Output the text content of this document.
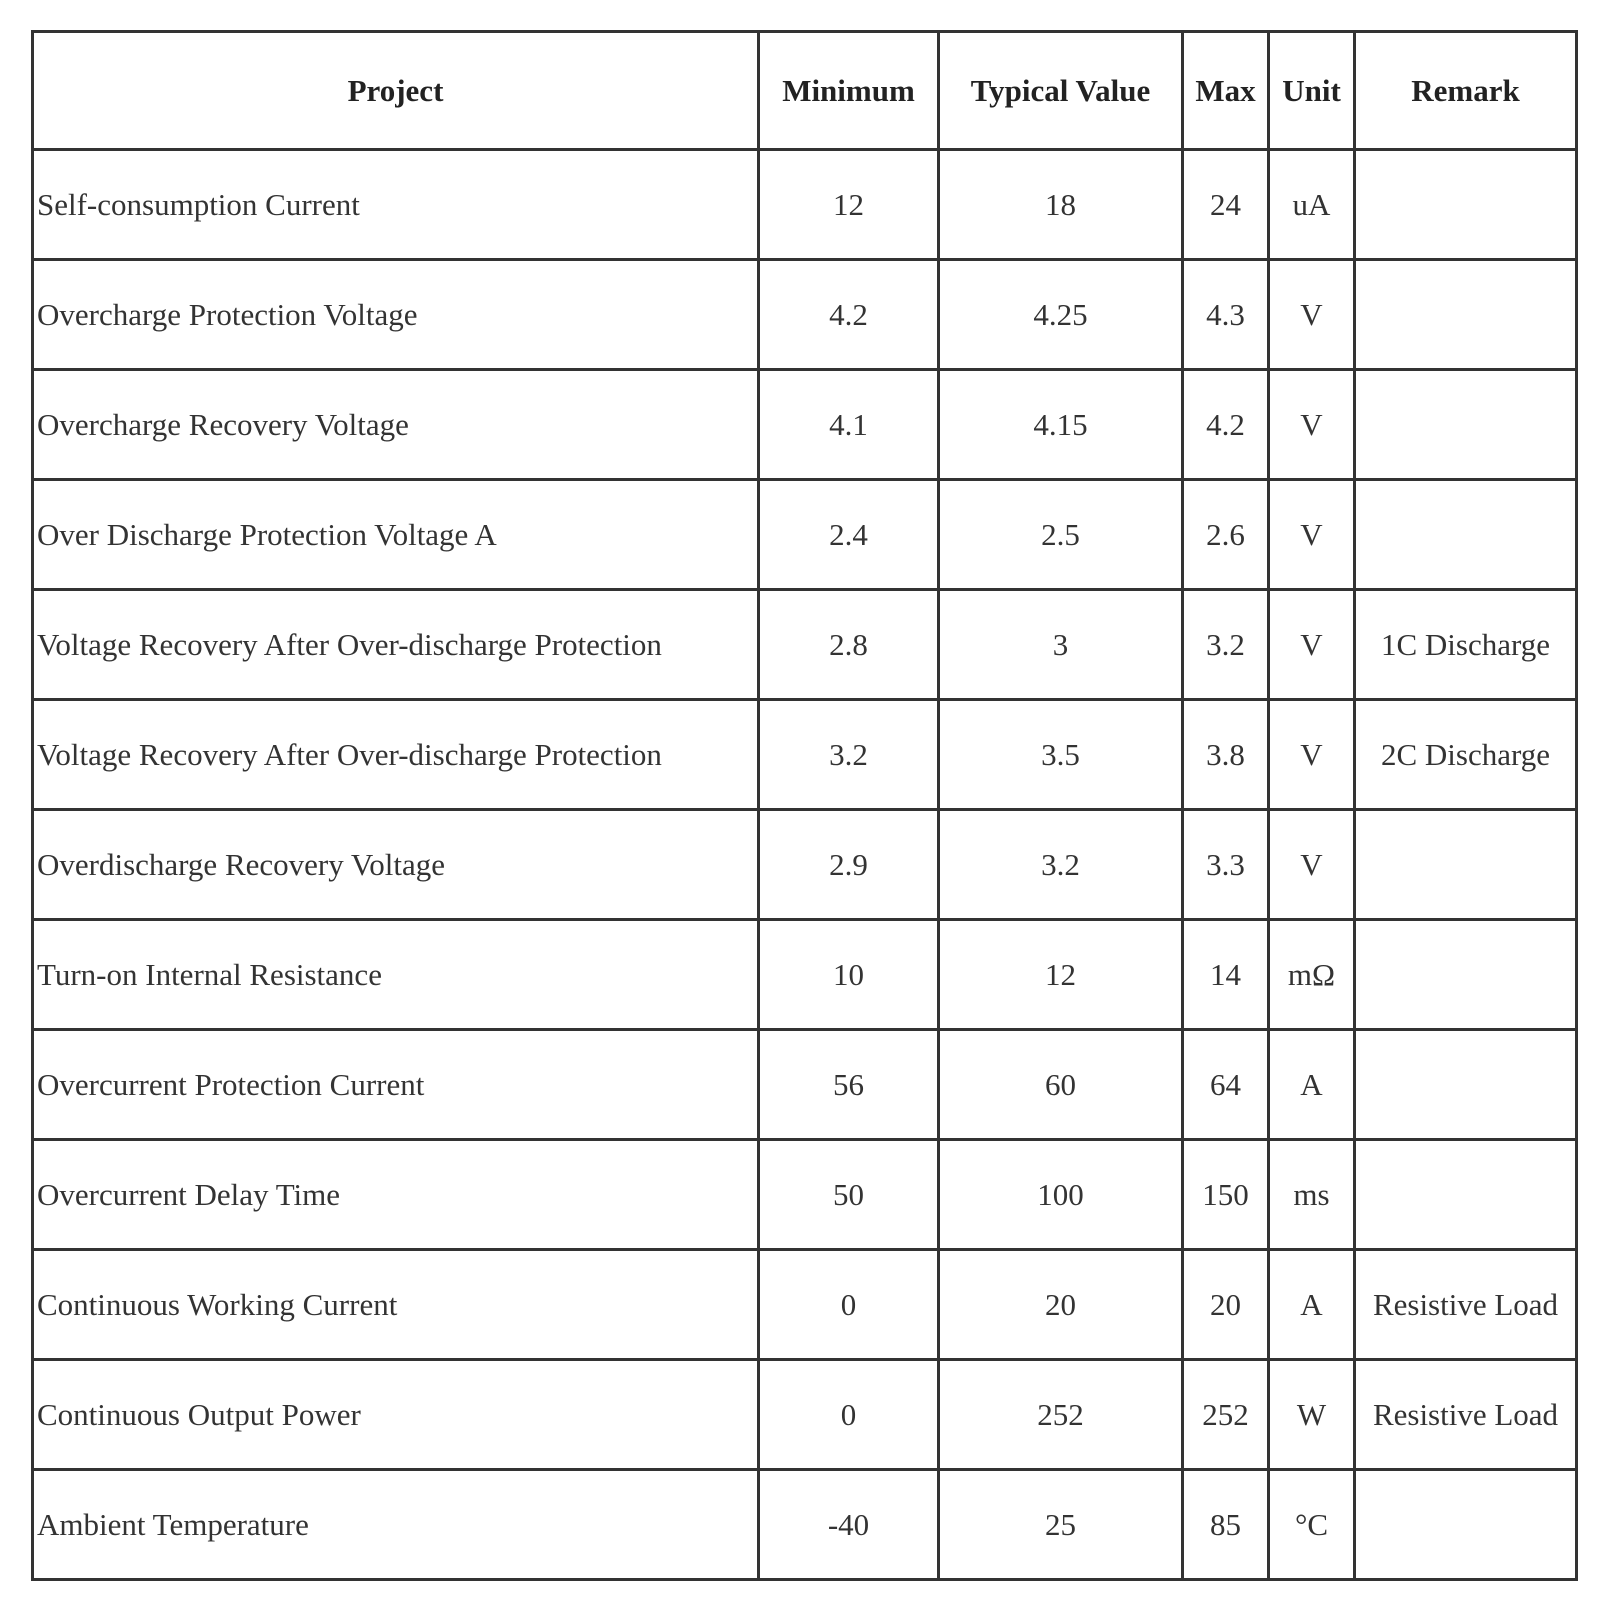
Project	Minimum	Typical Value	Max	Unit	Remark
Self-consumption Current	12	18	24	uA	
Overcharge Protection Voltage	4.2	4.25	4.3	V	
Overcharge Recovery Voltage	4.1	4.15	4.2	V	
Over Discharge Protection Voltage A	2.4	2.5	2.6	V	
Voltage Recovery After Over-discharge Protection	2.8	3	3.2	V	1C Discharge
Voltage Recovery After Over-discharge Protection	3.2	3.5	3.8	V	2C Discharge
Overdischarge Recovery Voltage	2.9	3.2	3.3	V	
Turn-on Internal Resistance	10	12	14	mΩ	
Overcurrent Protection Current	56	60	64	A	
Overcurrent Delay Time	50	100	150	ms	
Continuous Working Current	0	20	20	A	Resistive Load
Continuous Output Power	0	252	252	W	Resistive Load
Ambient Temperature	-40	25	85	°C	
